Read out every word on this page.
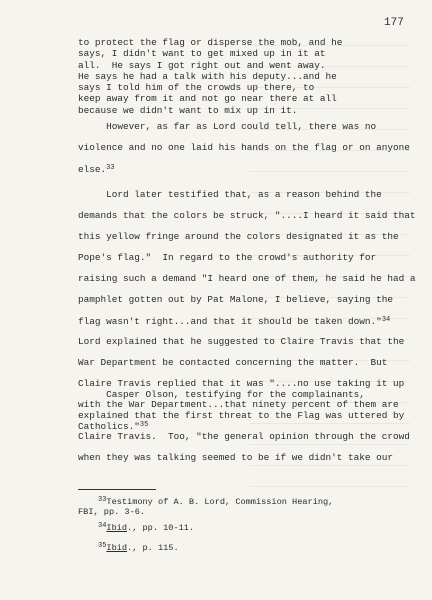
177
to protect the flag or disperse the mob, and he
says, I didn't want to get mixed up in it at
all.  He says I got right out and went away.
He says he had a talk with his deputy...and he
says I told him of the crowds up there, to
keep away from it and not go near there at all
because we didn't want to mix up in it.
However, as far as Lord could tell, there was no
violence and no one laid his hands on the flag or on anyone
else.$^{33}$
Lord later testified that, as a reason behind the
demands that the colors be struck, "....I heard it said that
this yellow fringe around the colors designated it as the
Pope's flag."  In regard to the crowd's authority for
raising such a demand "I heard one of them, he said he had a
pamphlet gotten out by Pat Malone, I believe, saying the
flag wasn't right...and that it should be taken down."$^{34}$
Lord explained that he suggested to Claire Travis that the
War Department be contacted concerning the matter.  But
Claire Travis replied that it was "....no use taking it up
with the War Department...that ninety percent of them are
Catholics."$^{35}$
Casper Olson, testifying for the complainants,
explained that the first threat to the Flag was uttered by
Claire Travis.  Too, "the general opinion through the crowd
when they was talking seemed to be if we didn't take our
$^{33}$Testimony of A. B. Lord, Commission Hearing,
FBI, pp. 3-6.
$^{34}$Ibid., pp. 10-11.
$^{35}$Ibid., p. 115.
